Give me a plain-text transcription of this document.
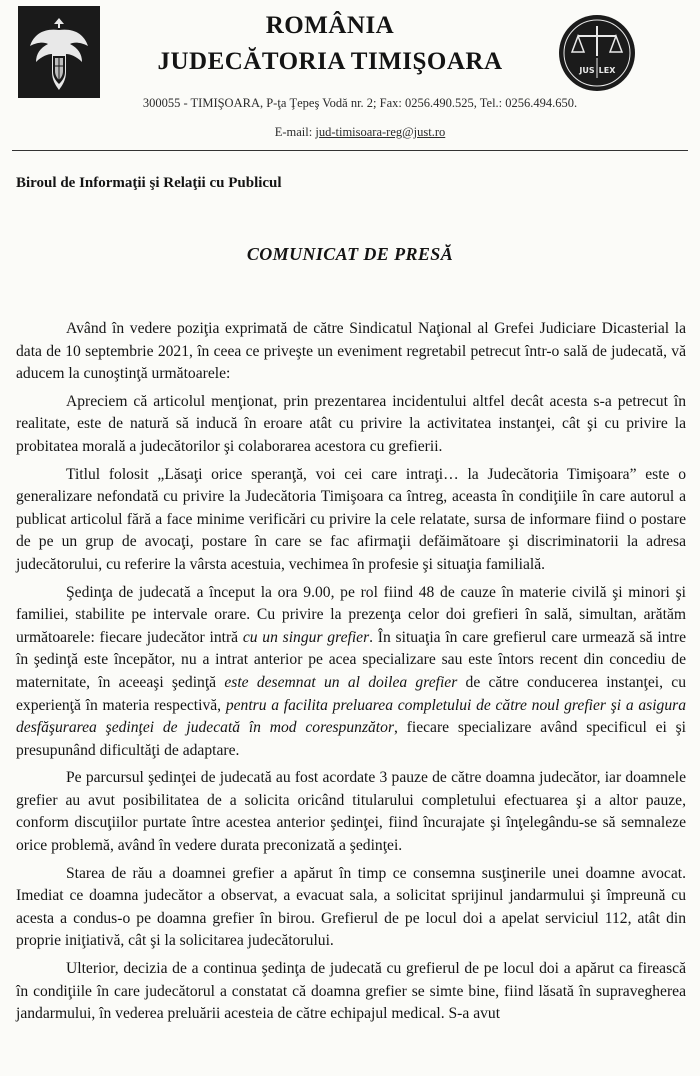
ROMÂNIA
JUDECĂTORIA TIMIŞOARA	JUS LEX
300055 - TIMIŞOARA, P-ţa Ţepeş Vodă nr. 2; Fax: 0256.490.525, Tel.: 0256.494.650.
E-mail: jud-timisoara-reg@just.ro
Biroul de Informaţii şi Relaţii cu Publicul
COMUNICAT DE PRESĂ

Având în vedere poziţia exprimată de către Sindicatul Naţional al Grefei Judiciare Dicasterial la data de 10 septembrie 2021, în ceea ce priveşte un eveniment regretabil petrecut într-o sală de judecată, vă aducem la cunoştinţă următoarele:

Apreciem că articolul menţionat, prin prezentarea incidentului altfel decât acesta s-a petrecut în realitate, este de natură să inducă în eroare atât cu privire la activitatea instanţei, cât şi cu privire la probitatea morală a judecătorilor şi colaborarea acestora cu grefierii.

Titlul folosit „Lăsaţi orice speranţă, voi cei care intraţi… la Judecătoria Timişoara” este o generalizare nefondată cu privire la Judecătoria Timişoara ca întreg, aceasta în condiţiile în care autorul a publicat articolul fără a face minime verificări cu privire la cele relatate, sursa de informare fiind o postare de pe un grup de avocaţi, postare în care se fac afirmaţii defăimătoare şi discriminatorii la adresa judecătorului, cu referire la vârsta acestuia, vechimea în profesie şi situaţia familială.

Şedinţa de judecată a început la ora 9.00, pe rol fiind 48 de cauze în materie civilă şi minori şi familiei, stabilite pe intervale orare. Cu privire la prezenţa celor doi grefieri în sală, simultan, arătăm următoarele: fiecare judecător intră cu un singur grefier. În situaţia în care grefierul care urmează să intre în şedinţă este începător, nu a intrat anterior pe acea specializare sau este întors recent din concediu de maternitate, în aceeaşi şedinţă este desemnat un al doilea grefier de către conducerea instanţei, cu experienţă în materia respectivă, pentru a facilita preluarea completului de către noul grefier şi a asigura desfăşurarea şedinţei de judecată în mod corespunzător, fiecare specializare având specificul ei şi presupunând dificultăţi de adaptare.

Pe parcursul şedinţei de judecată au fost acordate 3 pauze de către doamna judecător, iar doamnele grefier au avut posibilitatea de a solicita oricând titularului completului efectuarea şi a altor pauze, conform discuţiilor purtate între acestea anterior şedinţei, fiind încurajate şi înţelegându-se să semnaleze orice problemă, având în vedere durata preconizată a şedinţei.

Starea de rău a doamnei grefier a apărut în timp ce consemna susţinerile unei doamne avocat. Imediat ce doamna judecător a observat, a evacuat sala, a solicitat sprijinul jandarmului şi împreună cu acesta a condus-o pe doamna grefier în birou. Grefierul de pe locul doi a apelat serviciul 112, atât din proprie iniţiativă, cât şi la solicitarea judecătorului.

Ulterior, decizia de a continua şedinţa de judecată cu grefierul de pe locul doi a apărut ca firească în condiţiile în care judecătorul a constatat că doamna grefier se simte bine, fiind lăsată în supravegherea jandarmului, în vederea preluării acesteia de către echipajul medical. S-a avut
